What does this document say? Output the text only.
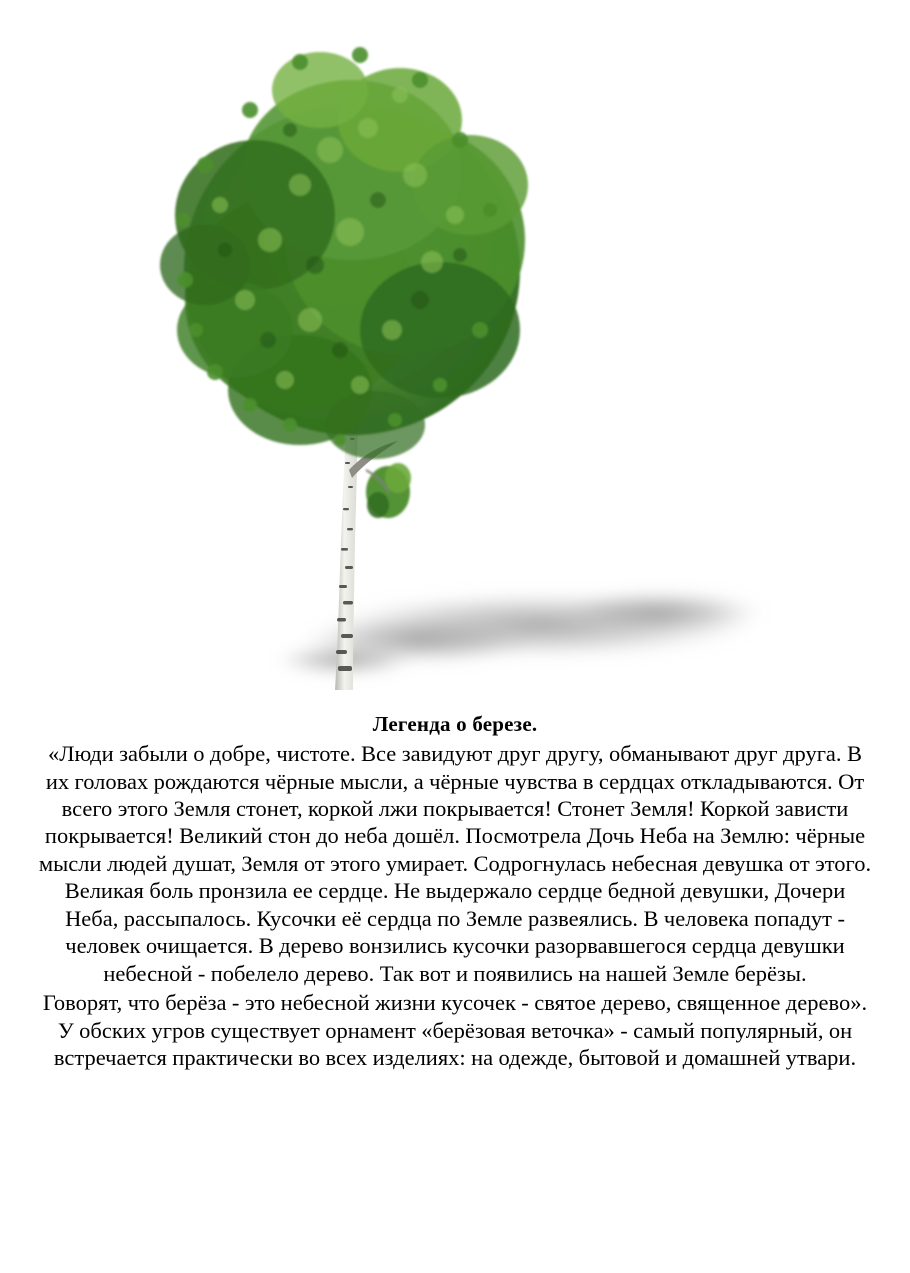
Легенда о березе.

«Люди забыли о добре, чистоте. Все завидуют друг другу, обманывают друг друга. В их головах рождаются чёрные мысли, а чёрные чувства в сердцах откладываются. От всего этого Земля стонет, коркой лжи покрывается! Стонет Земля! Коркой зависти покрывается! Великий стон до неба дошёл. Посмотрела Дочь Неба на Землю: чёрные мысли людей душат, Земля от этого умирает. Содрогнулась небесная девушка от этого. Великая боль пронзила ее сердце. Не выдержало сердце бедной девушки, Дочери Неба, рассыпалось. Кусочки её сердца по Земле развеялись. В человека попадут - человек очищается. В дерево вонзились кусочки разорвавшегося сердца девушки небесной - побелело дерево. Так вот и появились на нашей Земле берёзы.

Говорят, что берёза - это небесной жизни кусочек - святое дерево, священное дерево». У обских угров существует орнамент «берёзовая веточка» - самый популярный, он встречается практически во всех изделиях: на одежде, бытовой и домашней утвари.
